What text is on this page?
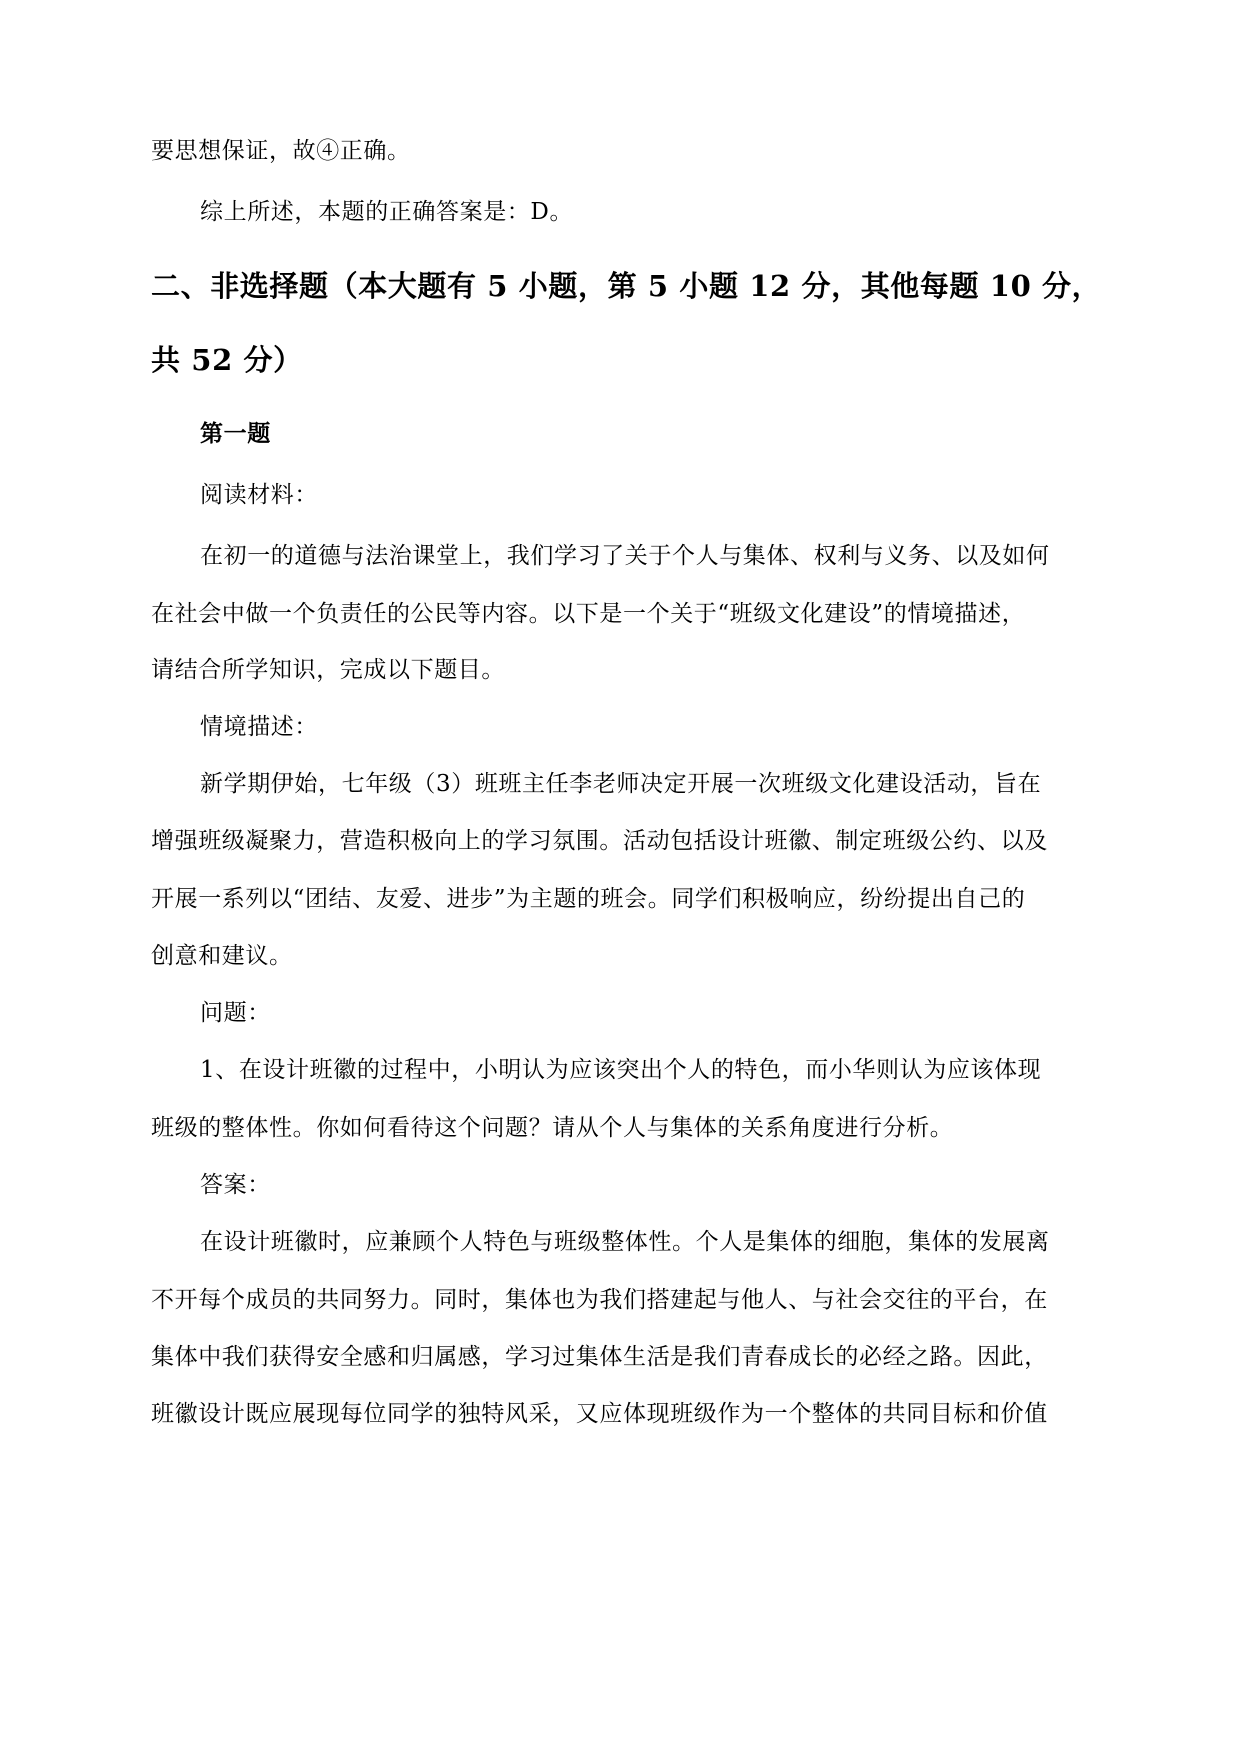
要思想保证，故④正确。
综上所述，本题的正确答案是：D。
二、非选择题（本大题有 5 小题，第 5 小题 12 分，其他每题 10 分，
共 52 分）
第一题
阅读材料：
在初一的道德与法治课堂上，我们学习了关于个人与集体、权利与义务、以及如何
在社会中做一个负责任的公民等内容。以下是一个关于“班级文化建设”的情境描述，
请结合所学知识，完成以下题目。
情境描述：
新学期伊始，七年级（3）班班主任李老师决定开展一次班级文化建设活动，旨在
增强班级凝聚力，营造积极向上的学习氛围。活动包括设计班徽、制定班级公约、以及
开展一系列以“团结、友爱、进步”为主题的班会。同学们积极响应，纷纷提出自己的
创意和建议。
问题：
1、在设计班徽的过程中，小明认为应该突出个人的特色，而小华则认为应该体现
班级的整体性。你如何看待这个问题？请从个人与集体的关系角度进行分析。
答案：
在设计班徽时，应兼顾个人特色与班级整体性。个人是集体的细胞，集体的发展离
不开每个成员的共同努力。同时，集体也为我们搭建起与他人、与社会交往的平台，在
集体中我们获得安全感和归属感，学习过集体生活是我们青春成长的必经之路。因此，
班徽设计既应展现每位同学的独特风采，又应体现班级作为一个整体的共同目标和价值
